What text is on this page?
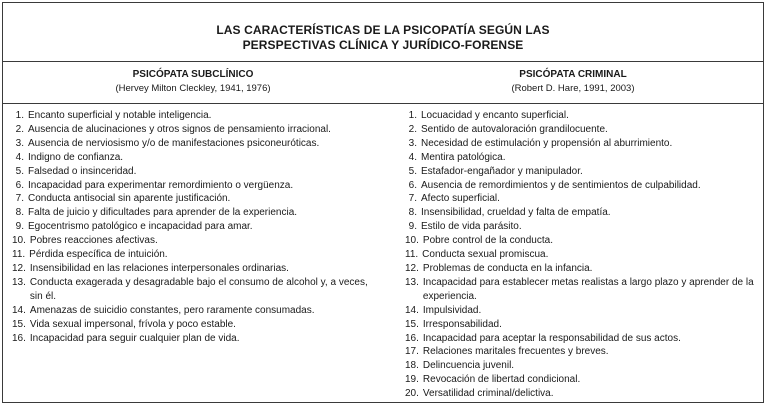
LAS CARACTERÍSTICAS DE LA PSICOPATÍA SEGÚN LAS
PERSPECTIVAS CLÍNICA Y JURÍDICO-FORENSE
PSICÓPATA SUBCLÍNICO
(Hervey Milton Cleckley, 1941, 1976)
PSICÓPATA CRIMINAL
(Robert D. Hare, 1991, 2003)
1. Encanto superficial y notable inteligencia.
2. Ausencia de alucinaciones y otros signos de pensamiento irracional.
3. Ausencia de nerviosismo y/o de manifestaciones psiconeuróticas.
4. Indigno de confianza.
5. Falsedad o insinceridad.
6. Incapacidad para experimentar remordimiento o vergüenza.
7. Conducta antisocial sin aparente justificación.
8. Falta de juicio y dificultades para aprender de la experiencia.
9. Egocentrismo patológico e incapacidad para amar.
10. Pobres reacciones afectivas.
11. Pérdida específica de intuición.
12. Insensibilidad en las relaciones interpersonales ordinarias.
13. Conducta exagerada y desagradable bajo el consumo de alcohol y, a veces, sin él.
14. Amenazas de suicidio constantes, pero raramente consumadas.
15. Vida sexual impersonal, frívola y poco estable.
16. Incapacidad para seguir cualquier plan de vida.
1. Locuacidad y encanto superficial.
2. Sentido de autovaloración grandilocuente.
3. Necesidad de estimulación y propensión al aburrimiento.
4. Mentira patológica.
5. Estafador-engañador y manipulador.
6. Ausencia de remordimientos y de sentimientos de culpabilidad.
7. Afecto superficial.
8. Insensibilidad, crueldad y falta de empatía.
9. Estilo de vida parásito.
10. Pobre control de la conducta.
11. Conducta sexual promiscua.
12. Problemas de conducta en la infancia.
13. Incapacidad para establecer metas realistas a largo plazo y aprender de la experiencia.
14. Impulsividad.
15. Irresponsabilidad.
16. Incapacidad para aceptar la responsabilidad de sus actos.
17. Relaciones maritales frecuentes y breves.
18. Delincuencia juvenil.
19. Revocación de libertad condicional.
20. Versatilidad criminal/delictiva.
